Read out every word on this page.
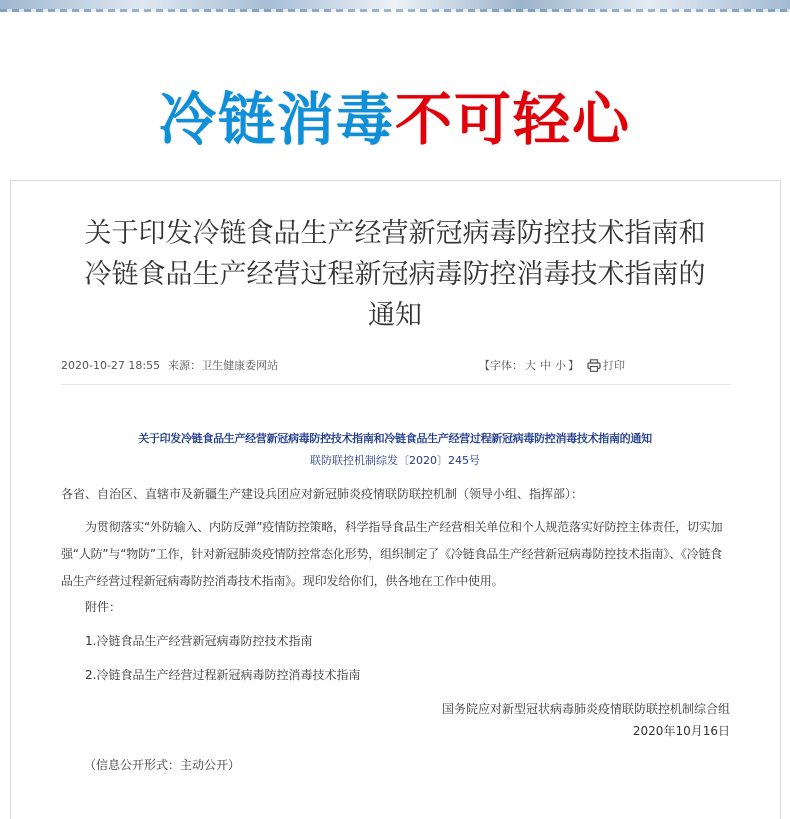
冷链消毒不可轻心
关于印发冷链食品生产经营新冠病毒防控技术指南和
冷链食品生产经营过程新冠病毒防控消毒技术指南的
通知
2020-10-27 18:55 来源：卫生健康委网站	【字体： 大 中 小 】	打印
关于印发冷链食品生产经营新冠病毒防控技术指南和冷链食品生产经营过程新冠病毒防控消毒技术指南的通知
联防联控机制综发〔2020〕245号
各省、自治区、直辖市及新疆生产建设兵团应对新冠肺炎疫情联防联控机制（领导小组、指挥部）：
为贯彻落实“外防输入、内防反弹”疫情防控策略，科学指导食品生产经营相关单位和个人规范落实好防控主体责任，切实加强“人防”与“物防”工作，针对新冠肺炎疫情防控常态化形势，组织制定了《冷链食品生产经营新冠病毒防控技术指南》、《冷链食品生产经营过程新冠病毒防控消毒技术指南》。现印发给你们，供各地在工作中使用。
附件：
1.冷链食品生产经营新冠病毒防控技术指南
2.冷链食品生产经营过程新冠病毒防控消毒技术指南
国务院应对新型冠状病毒肺炎疫情联防联控机制综合组
2020年10月16日
（信息公开形式：主动公开）
